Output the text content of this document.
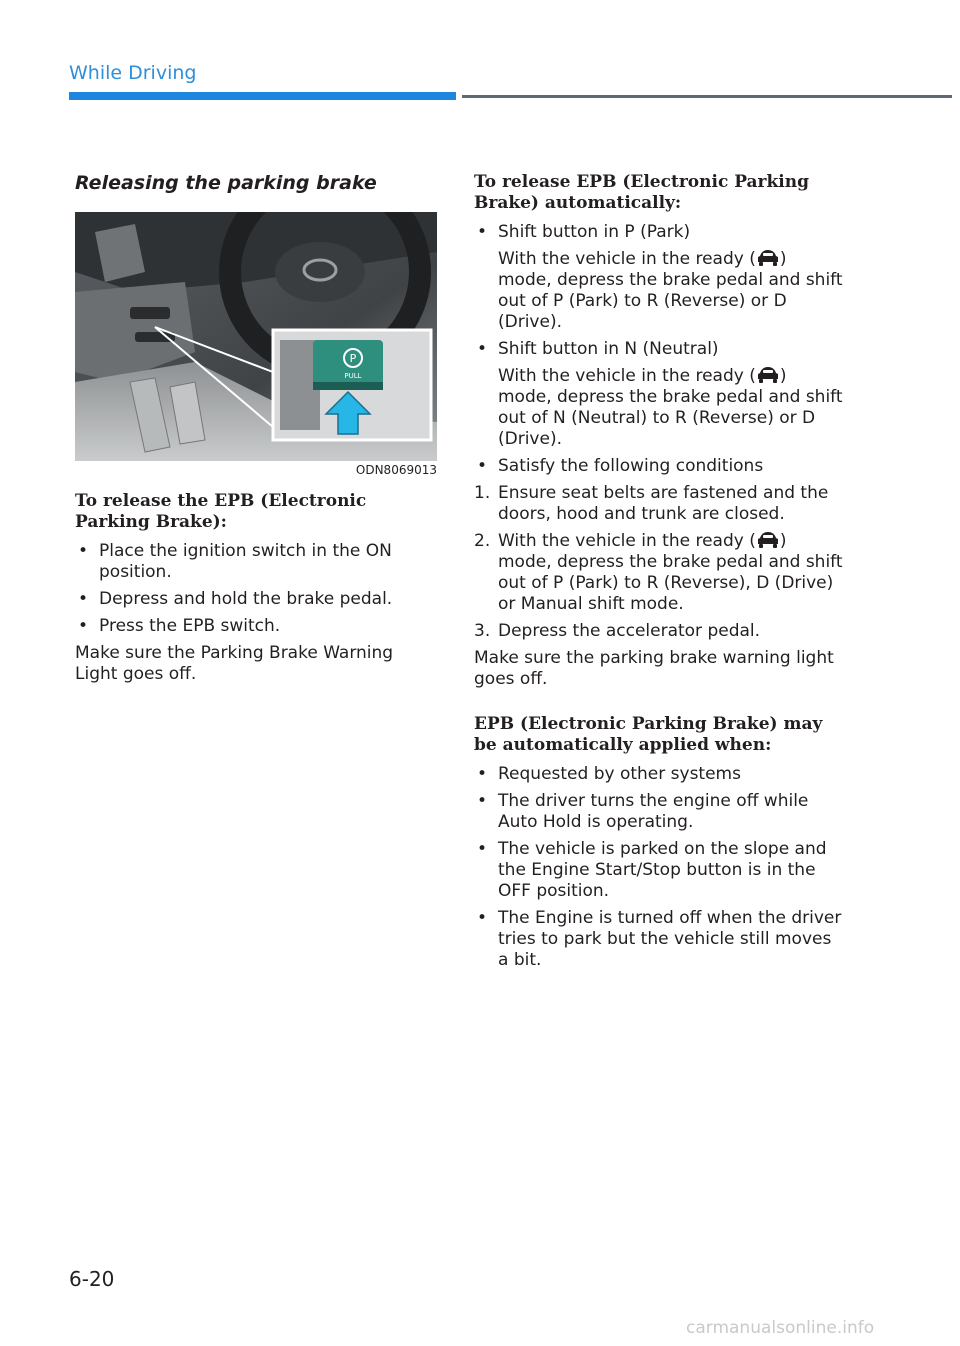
While Driving
Releasing the parking brake
P
PULL
ODN8069013
To release the EPB (Electronic Parking Brake):
• Place the ignition switch in the ON position.
• Depress and hold the brake pedal.
• Press the EPB switch.

Make sure the Parking Brake Warning Light goes off.

To release EPB (Electronic Parking Brake) automatically:
• Shift button in P (Park)
With the vehicle in the ready ( ) mode, depress the brake pedal and shift out of P (Park) to R (Reverse) or D (Drive).
• Shift button in N (Neutral)
With the vehicle in the ready ( ) mode, depress the brake pedal and shift out of N (Neutral) to R (Reverse) or D (Drive).
• Satisfy the following conditions
1. Ensure seat belts are fastened and the doors, hood and trunk are closed.
2. With the vehicle in the ready ( ) mode, depress the brake pedal and shift out of P (Park) to R (Reverse), D (Drive) or Manual shift mode.
3. Depress the accelerator pedal.

Make sure the parking brake warning light goes off.

EPB (Electronic Parking Brake) may be automatically applied when:
• Requested by other systems
• The driver turns the engine off while Auto Hold is operating.
• The vehicle is parked on the slope and the Engine Start/Stop button is in the OFF position.
• The Engine is turned off when the driver tries to park but the vehicle still moves a bit.
6-20
carmanualsonline.info
